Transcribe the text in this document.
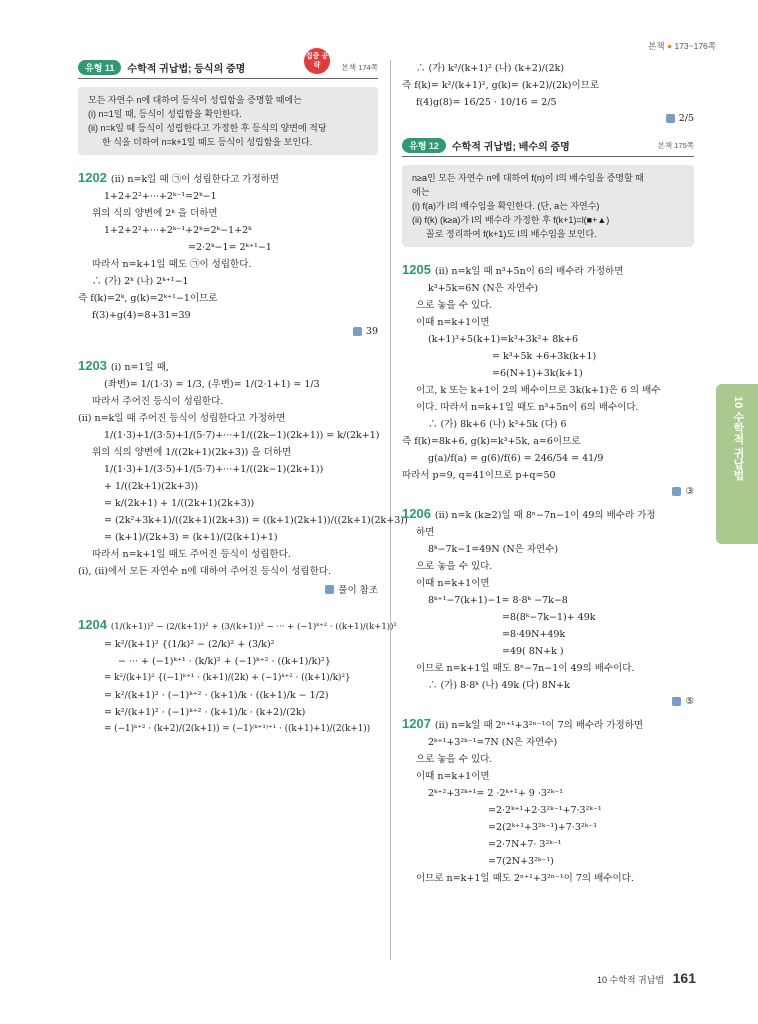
본책 ● 173~176쪽
유형 11	수학적 귀납법; 등식의 증명
집중 공략	본책 174쪽
모든 자연수 n에 대하여 등식이 성립함을 증명할 때에는
(i) n=1일 때, 등식이 성립함을 확인한다.
(ii) n=k일 때 등식이 성립한다고 가정한 후 등식의 양변에 적당
한 식을 더하여 n=k+1일 때도 등식이 성립함을 보인다.
1202 (ii) n=k일 때 ㉠이 성립한다고 가정하면
1+2+2²+···+2ᵏ⁻¹=2ᵏ−1
위의 식의 양변에 2ᵏ 을 더하면
1+2+2²+···+2ᵏ⁻¹+2ᵏ=2ᵏ−1+2ᵏ
=2·2ᵏ−1= 2ᵏ⁺¹−1
따라서 n=k+1일 때도 ㉠이 성립한다.
∴ (가) 2ᵏ (나) 2ᵏ⁺¹−1
즉 f(k)=2ᵏ, g(k)=2ᵏ⁺¹−1이므로
f(3)+g(4)=8+31=39
39
1203 (i) n=1일 때,
(좌변)= 1/(1·3) = 1/3, (우변)= 1/(2·1+1) = 1/3
따라서 주어진 등식이 성립한다.
(ii) n=k일 때 주어진 등식이 성립한다고 가정하면
1/(1·3)+1/(3·5)+1/(5·7)+···+1/((2k−1)(2k+1)) = k/(2k+1)
위의 식의 양변에 1/((2k+1)(2k+3)) 을 더하면
1/(1·3)+1/(3·5)+1/(5·7)+···+1/((2k−1)(2k+1))
+ 1/((2k+1)(2k+3))
= k/(2k+1) + 1/((2k+1)(2k+3))
= (2k²+3k+1)/((2k+1)(2k+3)) = ((k+1)(2k+1))/((2k+1)(2k+3))
= (k+1)/(2k+3) = (k+1)/(2(k+1)+1)
따라서 n=k+1일 때도 주어진 등식이 성립한다.
(i), (ii)에서 모든 자연수 n에 대하여 주어진 등식이 성립한다.
풀이 참조
1204 (1/(k+1))² − (2/(k+1))² + (3/(k+1))² − ··· + (−1)ᵏ⁺² · ((k+1)/(k+1))²
= k²/(k+1)² {(1/k)² − (2/k)² + (3/k)²
− ··· + (−1)ᵏ⁺¹ · (k/k)² + (−1)ᵏ⁺² · ((k+1)/k)²}
= k²/(k+1)² {(−1)ᵏ⁺¹ · (k+1)/(2k) + (−1)ᵏ⁺² · ((k+1)/k)²}
= k²/(k+1)² · (−1)ᵏ⁺² · (k+1)/k · ((k+1)/k − 1/2)
= k²/(k+1)² · (−1)ᵏ⁺² · (k+1)/k · (k+2)/(2k)
= (−1)ᵏ⁺² · (k+2)/(2(k+1)) = (−1)⁽ᵏ⁺¹⁾⁺¹ · ((k+1)+1)/(2(k+1))
∴ (가) k²/(k+1)² (나) (k+2)/(2k)
즉 f(k)= k²/(k+1)², g(k)= (k+2)/(2k)이므로
f(4)g(8)= 16/25 · 10/16 = 2/5
2/5
유형 12	수학적 귀납법; 배수의 증명	본책 175쪽
n≥a인 모든 자연수 n에 대하여 f(n)이 l의 배수임을 증명할 때
에는
(i) f(a)가 l의 배수임을 확인한다. (단, a는 자연수)
(ii) f(k) (k≥a)가 l의 배수라 가정한 후 f(k+1)=l(■+▲)
꼴로 정리하여 f(k+1)도 l의 배수임을 보인다.
1205 (ii) n=k일 때 n³+5n이 6의 배수라 가정하면
k³+5k=6N (N은 자연수)
으로 놓을 수 있다.
이때 n=k+1이면
(k+1)³+5(k+1)=k³+3k²+ 8k+6
= k³+5k +6+3k(k+1)
=6(N+1)+3k(k+1)
이고, k 또는 k+1이 2의 배수이므로 3k(k+1)은 6 의 배수
이다. 따라서 n=k+1일 때도 n³+5n이 6의 배수이다.
∴ (가) 8k+6 (나) k³+5k (다) 6
즉 f(k)=8k+6, g(k)=k³+5k, a=6이므로
g(a)/f(a) = g(6)/f(6) = 246/54 = 41/9
따라서 p=9, q=41이므로 p+q=50
③
1206 (ii) n=k (k≥2)일 때 8ⁿ−7n−1이 49의 배수라 가정
하면
8ᵏ−7k−1=49N (N은 자연수)
으로 놓을 수 있다.
이때 n=k+1이면
8ᵏ⁺¹−7(k+1)−1= 8·8ᵏ −7k−8
=8(8ᵏ−7k−1)+ 49k
=8·49N+49k
=49( 8N+k )
이므로 n=k+1일 때도 8ⁿ−7n−1이 49의 배수이다.
∴ (가) 8·8ᵏ (나) 49k (다) 8N+k
⑤
1207 (ii) n=k일 때 2ⁿ⁺¹+3²ⁿ⁻¹이 7의 배수라 가정하면
2ᵏ⁺¹+3²ᵏ⁻¹=7N (N은 자연수)
으로 놓을 수 있다.
이때 n=k+1이면
2ᵏ⁺²+3²ᵏ⁺¹= 2 ·2ᵏ⁺¹+ 9 ·3²ᵏ⁻¹
=2·2ᵏ⁺¹+2·3²ᵏ⁻¹+7·3²ᵏ⁻¹
=2(2ᵏ⁺¹+3²ᵏ⁻¹)+7·3²ᵏ⁻¹
=2·7N+7· 3²ᵏ⁻¹
=7(2N+3²ᵏ⁻¹)
이므로 n=k+1일 때도 2ⁿ⁺¹+3²ⁿ⁻¹이 7의 배수이다.
10 수학적 귀납법
10 수학적 귀납법 161
